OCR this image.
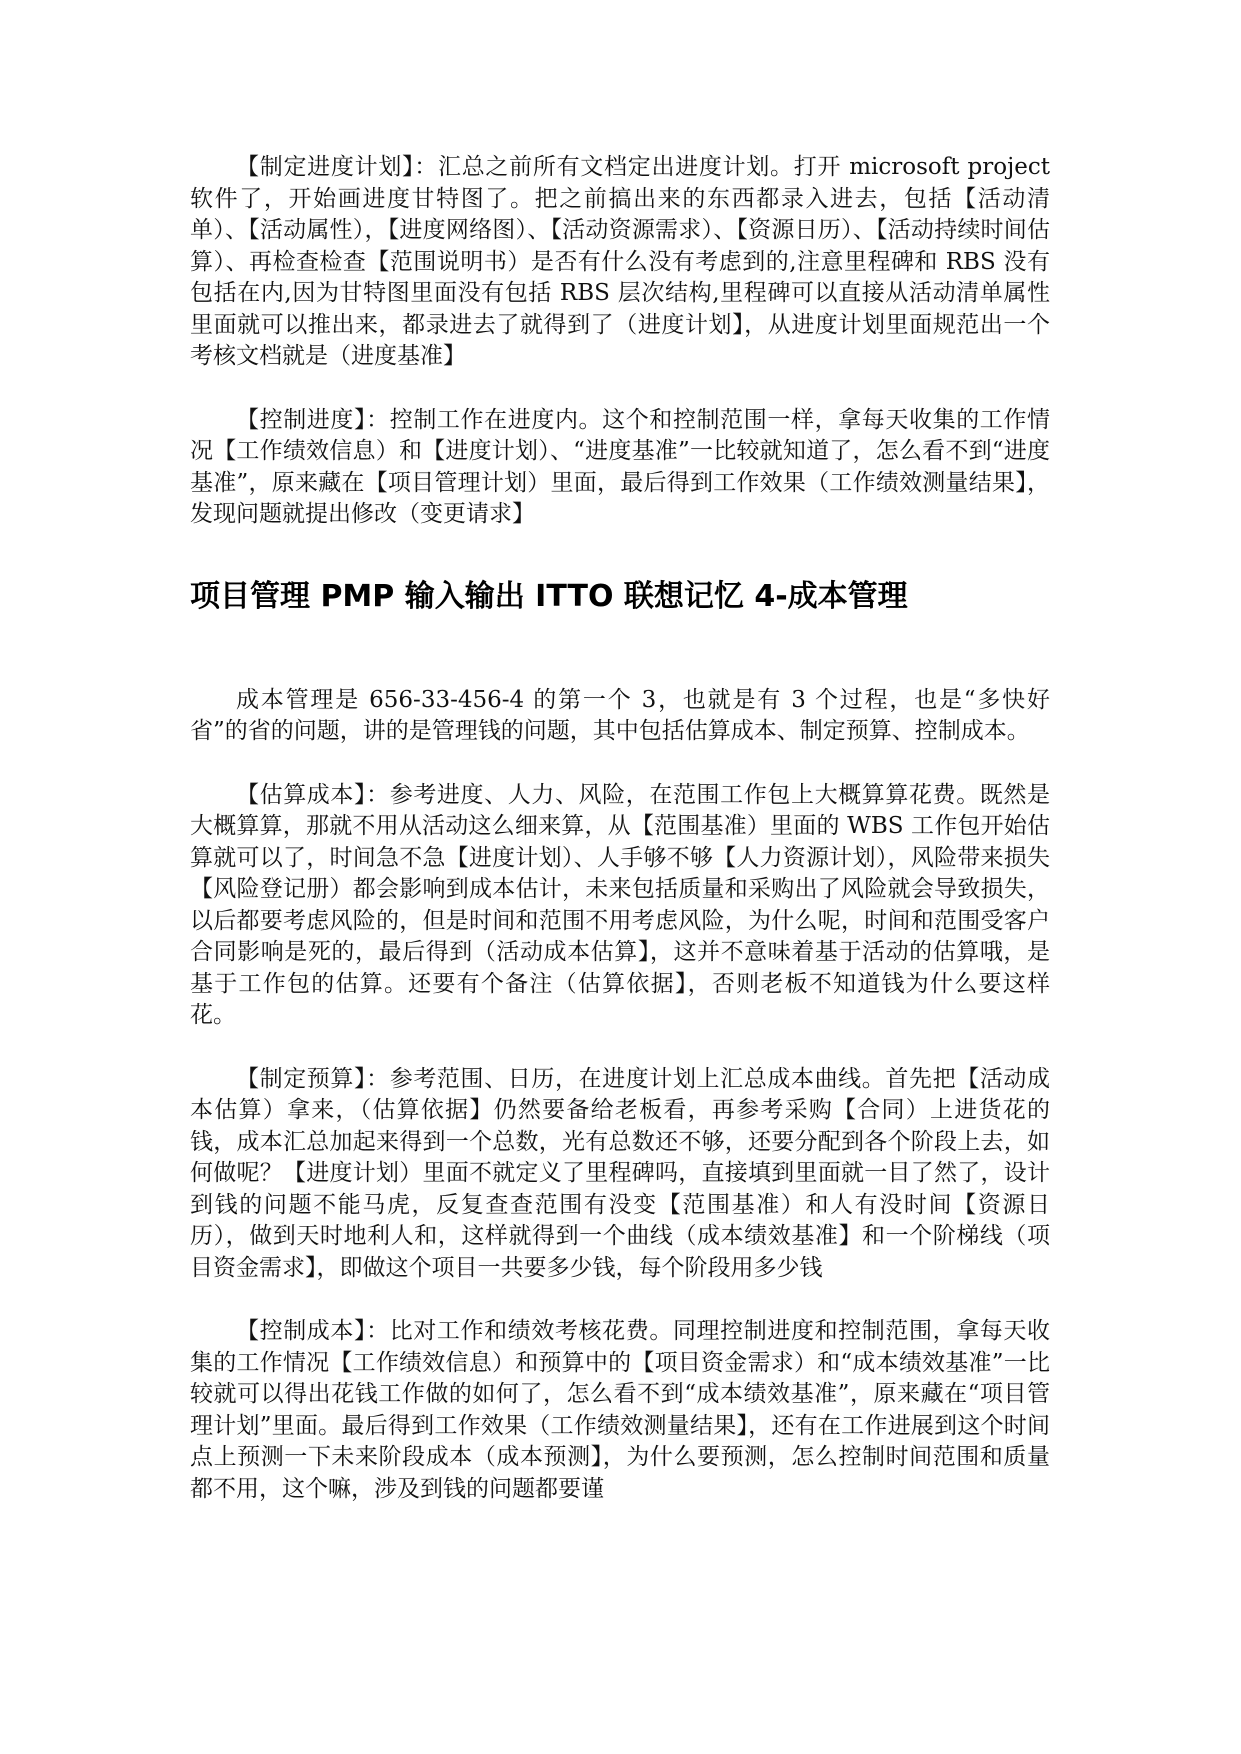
【制定进度计划】：汇总之前所有文档定出进度计划。打开 microsoft project 软件了，开始画进度甘特图了。把之前搞出来的东西都录入进去，包括【活动清单）、【活动属性），【进度网络图）、【活动资源需求）、【资源日历）、【活动持续时间估算）、再检查检查【范围说明书）是否有什么没有考虑到的,注意里程碑和 RBS 没有包括在内,因为甘特图里面没有包括 RBS 层次结构,里程碑可以直接从活动清单属性里面就可以推出来，都录进去了就得到了（进度计划】，从进度计划里面规范出一个考核文档就是（进度基准】

【控制进度】：控制工作在进度内。这个和控制范围一样，拿每天收集的工作情况【工作绩效信息）和【进度计划）、“进度基准”一比较就知道了，怎么看不到“进度基准”，原来藏在【项目管理计划）里面，最后得到工作效果（工作绩效测量结果】，发现问题就提出修改（变更请求】

项目管理 PMP 输入输出 ITTO 联想记忆 4-成本管理

成本管理是 656-33-456-4 的第一个 3，也就是有 3 个过程，也是“多快好省”的省的问题，讲的是管理钱的问题，其中包括估算成本、制定预算、控制成本。

【估算成本】：参考进度、人力、风险，在范围工作包上大概算算花费。既然是大概算算，那就不用从活动这么细来算，从【范围基准）里面的 WBS 工作包开始估算就可以了，时间急不急【进度计划）、人手够不够【人力资源计划），风险带来损失【风险登记册）都会影响到成本估计，未来包括质量和采购出了风险就会导致损失，以后都要考虑风险的，但是时间和范围不用考虑风险，为什么呢，时间和范围受客户合同影响是死的，最后得到（活动成本估算】，这并不意味着基于活动的估算哦，是基于工作包的估算。还要有个备注（估算依据】，否则老板不知道钱为什么要这样花。

【制定预算】：参考范围、日历，在进度计划上汇总成本曲线。首先把【活动成本估算）拿来，（估算依据】仍然要备给老板看，再参考采购【合同）上进货花的钱，成本汇总加起来得到一个总数，光有总数还不够，还要分配到各个阶段上去，如何做呢？【进度计划）里面不就定义了里程碑吗，直接填到里面就一目了然了，设计到钱的问题不能马虎，反复查查范围有没变【范围基准）和人有没时间【资源日历），做到天时地利人和，这样就得到一个曲线（成本绩效基准】和一个阶梯线（项目资金需求】，即做这个项目一共要多少钱，每个阶段用多少钱

【控制成本】：比对工作和绩效考核花费。同理控制进度和控制范围，拿每天收集的工作情况【工作绩效信息）和预算中的【项目资金需求）和“成本绩效基准”一比较就可以得出花钱工作做的如何了，怎么看不到“成本绩效基准”，原来藏在“项目管理计划”里面。最后得到工作效果（工作绩效测量结果】，还有在工作进展到这个时间点上预测一下未来阶段成本（成本预测】，为什么要预测，怎么控制时间范围和质量都不用，这个嘛，涉及到钱的问题都要谨
